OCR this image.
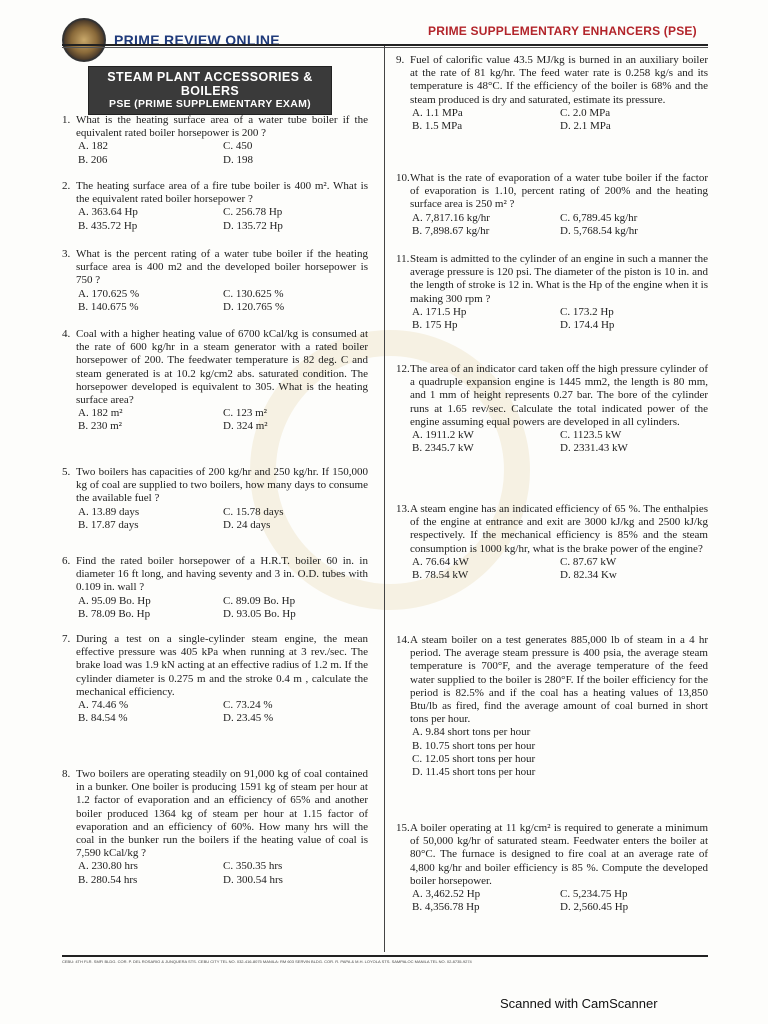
PRIME REVIEW ONLINE
PRIME SUPPLEMENTARY ENHANCERS (PSE)
STEAM PLANT ACCESSORIES & BOILERS
PSE (PRIME SUPPLEMENTARY EXAM)
1. What is the heating surface area of a water tube boiler if the equivalent rated boiler horsepower is 200 ?
A. 182	C. 450
B. 206	D. 198
2. The heating surface area of a fire tube boiler is 400 m². What is the equivalent rated boiler horsepower ?
A. 363.64 Hp	C. 256.78 Hp
B. 435.72 Hp	D. 135.72 Hp
3. What is the percent rating of a water tube boiler if the heating surface area is 400 m2 and the developed boiler horsepower is 750 ?
A. 170.625 %	C. 130.625 %
B. 140.675 %	D. 120.765 %
4. Coal with a higher heating value of 6700 kCal/kg is consumed at the rate of 600 kg/hr in a steam generator with a rated boiler horsepower of 200. The feedwater temperature is 82 deg. C and steam generated is at 10.2 kg/cm2 abs. saturated condition. The horsepower developed is equivalent to 305. What is the heating surface area?
A. 182 m²	C. 123 m²
B. 230 m²	D. 324 m²
5. Two boilers has capacities of 200 kg/hr and 250 kg/hr. If 150,000 kg of coal are supplied to two boilers, how many days to consume the available fuel ?
A. 13.89 days	C. 15.78 days
B. 17.87 days	D. 24 days
6. Find the rated boiler horsepower of a H.R.T. boiler 60 in. in diameter 16 ft long, and having seventy and 3 in. O.D. tubes with 0.109 in. wall ?
A. 95.09 Bo. Hp	C. 89.09 Bo. Hp
B. 78.09 Bo. Hp	D. 93.05 Bo. Hp
7. During a test on a single-cylinder steam engine, the mean effective pressure was 405 kPa when running at 3 rev./sec. The brake load was 1.9 kN acting at an effective radius of 1.2 m. If the cylinder diameter is 0.275 m and the stroke 0.4 m , calculate the mechanical efficiency.
A. 74.46 %	C. 73.24 %
B. 84.54 %	D. 23.45 %
8. Two boilers are operating steadily on 91,000 kg of coal contained in a bunker. One boiler is producing 1591 kg of steam per hour at 1.2 factor of evaporation and an efficiency of 65% and another boiler produced 1364 kg of steam per hour at 1.15 factor of evaporation and an efficiency of 60%. How many hrs will the coal in the bunker run the boilers if the heating value of coal is 7,590 kCal/kg ?
A. 230.80 hrs	C. 350.35 hrs
B. 280.54 hrs	D. 300.54 hrs
9. Fuel of calorific value 43.5 MJ/kg is burned in an auxiliary boiler at the rate of 81 kg/hr. The feed water rate is 0.258 kg/s and its temperature is 48°C. If the efficiency of the boiler is 68% and the steam produced is dry and saturated, estimate its pressure.
A. 1.1 MPa	C. 2.0 MPa
B. 1.5 MPa	D. 2.1 MPa
10.What is the rate of evaporation of a water tube boiler if the factor of evaporation is 1.10, percent rating of 200% and the heating surface area is 250 m² ?
A. 7,817.16 kg/hr	C. 6,789.45 kg/hr
B. 7,898.67 kg/hr	D. 5,768.54 kg/hr
11.Steam is admitted to the cylinder of an engine in such a manner the average pressure is 120 psi. The diameter of the piston is 10 in. and the length of stroke is 12 in. What is the Hp of the engine when it is making 300 rpm ?
A. 171.5 Hp	C. 173.2 Hp
B. 175 Hp	D. 174.4 Hp
12.The area of an indicator card taken off the high pressure cylinder of a quadruple expansion engine is 1445 mm2, the length is 80 mm, and 1 mm of height represents 0.27 bar. The bore of the cylinder runs at 1.65 rev/sec. Calculate the total indicated power of the engine assuming equal powers are developed in all cylinders.
A. 1911.2 kW	C. 1123.5 kW
B. 2345.7 kW	D. 2331.43 kW
13.A steam engine has an indicated efficiency of 65 %. The enthalpies of the engine at entrance and exit are 3000 kJ/kg and 2500 kJ/kg respectively. If the mechanical efficiency is 85% and the steam consumption is 1000 kg/hr, what is the brake power of the engine?
A. 76.64 kW	C. 87.67 kW
B. 78.54 kW	D. 82.34 Kw
14.A steam boiler on a test generates 885,000 lb of steam in a 4 hr period. The average steam pressure is 400 psia, the average steam temperature is 700°F, and the average temperature of the feed water supplied to the boiler is 280°F. If the boiler efficiency for the period is 82.5% and if the coal has a heating values of 13,850 Btu/lb as fired, find the average amount of coal burned in short tons per hour.
A. 9.84 short tons per hour
B. 10.75 short tons per hour
C. 12.05 short tons per hour
D. 11.45 short tons per hour
15.A boiler operating at 11 kg/cm² is required to generate a minimum of 50,000 kg/hr of saturated steam. Feedwater enters the boiler at 80°C. The furnace is designed to fire coal at an average rate of 4,800 kg/hr and boiler efficiency is 85 %. Compute the developed boiler horsepower.
A. 3,462.52 Hp	C. 5,234.75 Hp
B. 4,356.78 Hp	D. 2,560.45 Hp
CEBU: 4TH FLR. SMFI BLDG. COR. P. DEL ROSARIO & JUNQUERA STS. CEBU CITY TEL NO. 032-416-8075 MANILA: RM 603 SERVIN BLDG. COR. R. PAPA & M.H. LOYOLA STS. SAMPALOC MANILA TEL NO. 02-8735-9274
Scanned with CamScanner
